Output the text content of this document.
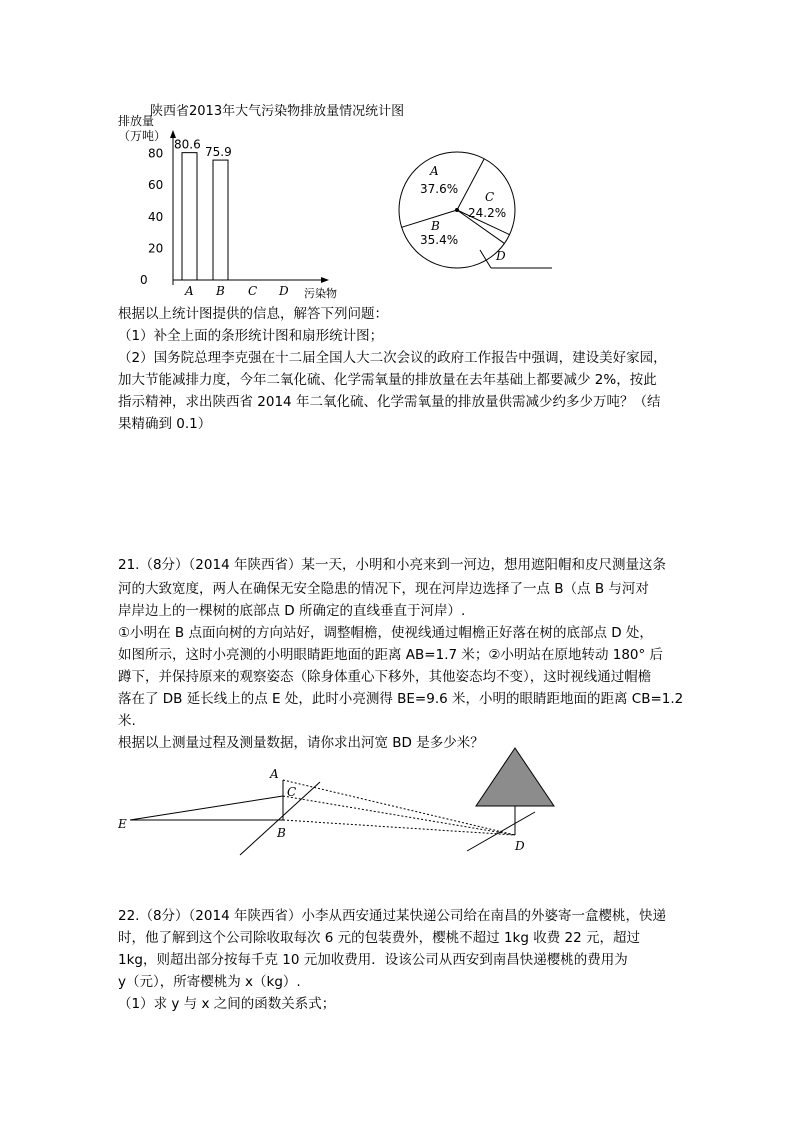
陕西省2013年大气污染物排放量情况统计图
排放量
（万吨）
污染物
0
20
40
60
80
80.6
75.9
A B C D
A
37.6%
C
24.2%
B
35.4%
D
根据以上统计图提供的信息，解答下列问题：
（1）补全上面的条形统计图和扇形统计图；
（2）国务院总理李克强在十二届全国人大二次会议的政府工作报告中强调，建设美好家园，
加大节能减排力度，今年二氧化硫、化学需氧量的排放量在去年基础上都要减少 2%，按此
指示精神，求出陕西省 2014 年二氧化硫、化学需氧量的排放量供需减少约多少万吨？（结
果精确到 0.1）
21.（8分）（2014 年陕西省）某一天，小明和小亮来到一河边，想用遮阳帽和皮尺测量这条
河的大致宽度，两人在确保无安全隐患的情况下，现在河岸边选择了一点 B（点 B 与河对
岸岸边上的一棵树的底部点 D 所确定的直线垂直于河岸）.
①小明在 B 点面向树的方向站好，调整帽檐，使视线通过帽檐正好落在树的底部点 D 处，
如图所示，这时小亮测的小明眼睛距地面的距离 AB=1.7 米；②小明站在原地转动 180° 后
蹲下，并保持原来的观察姿态（除身体重心下移外，其他姿态均不变），这时视线通过帽檐
落在了 DB 延长线上的点 E 处，此时小亮测得 BE=9.6 米，小明的眼睛距地面的距离 CB=1.2
米.
根据以上测量过程及测量数据，请你求出河宽 BD 是多少米？
A
C
B
D
E
22.（8分）（2014 年陕西省）小李从西安通过某快递公司给在南昌的外婆寄一盒樱桃，快递
时，他了解到这个公司除收取每次 6 元的包装费外，樱桃不超过 1kg 收费 22 元，超过
1kg，则超出部分按每千克 10 元加收费用．设该公司从西安到南昌快递樱桃的费用为
y（元），所寄樱桃为 x（kg）.
（1）求 y 与 x 之间的函数关系式；
